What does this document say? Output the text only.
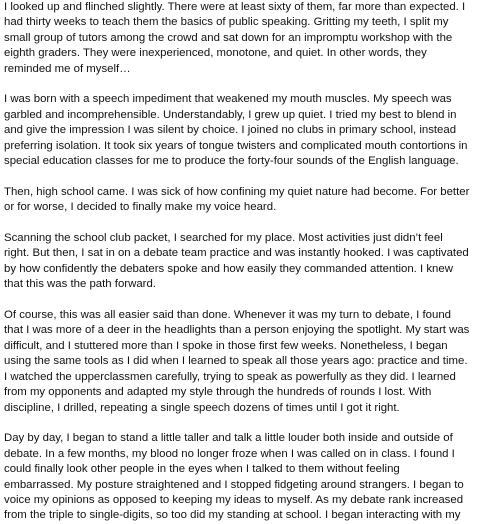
I looked up and flinched slightly. There were at least sixty of them, far more than expected. I
had thirty weeks to teach them the basics of public speaking. Gritting my teeth, I split my
small group of tutors among the crowd and sat down for an impromptu workshop with the
eighth graders. They were inexperienced, monotone, and quiet. In other words, they
reminded me of myself…
I was born with a speech impediment that weakened my mouth muscles. My speech was
garbled and incomprehensible. Understandably, I grew up quiet. I tried my best to blend in
and give the impression I was silent by choice. I joined no clubs in primary school, instead
preferring isolation. It took six years of tongue twisters and complicated mouth contortions in
special education classes for me to produce the forty-four sounds of the English language.
Then, high school came. I was sick of how confining my quiet nature had become. For better
or for worse, I decided to finally make my voice heard.
Scanning the school club packet, I searched for my place. Most activities just didn’t feel
right. But then, I sat in on a debate team practice and was instantly hooked. I was captivated
by how confidently the debaters spoke and how easily they commanded attention. I knew
that this was the path forward.
Of course, this was all easier said than done. Whenever it was my turn to debate, I found
that I was more of a deer in the headlights than a person enjoying the spotlight. My start was
difficult, and I stuttered more than I spoke in those first few weeks. Nonetheless, I began
using the same tools as I did when I learned to speak all those years ago: practice and time.
I watched the upperclassmen carefully, trying to speak as powerfully as they did. I learned
from my opponents and adapted my style through the hundreds of rounds I lost. With
discipline, I drilled, repeating a single speech dozens of times until I got it right.
Day by day, I began to stand a little taller and talk a little louder both inside and outside of
debate. In a few months, my blood no longer froze when I was called on in class. I found I
could finally look other people in the eyes when I talked to them without feeling
embarrassed. My posture straightened and I stopped fidgeting around strangers. I began to
voice my opinions as opposed to keeping my ideas to myself. As my debate rank increased
from the triple to single-digits, so too did my standing at school. I began interacting with my
